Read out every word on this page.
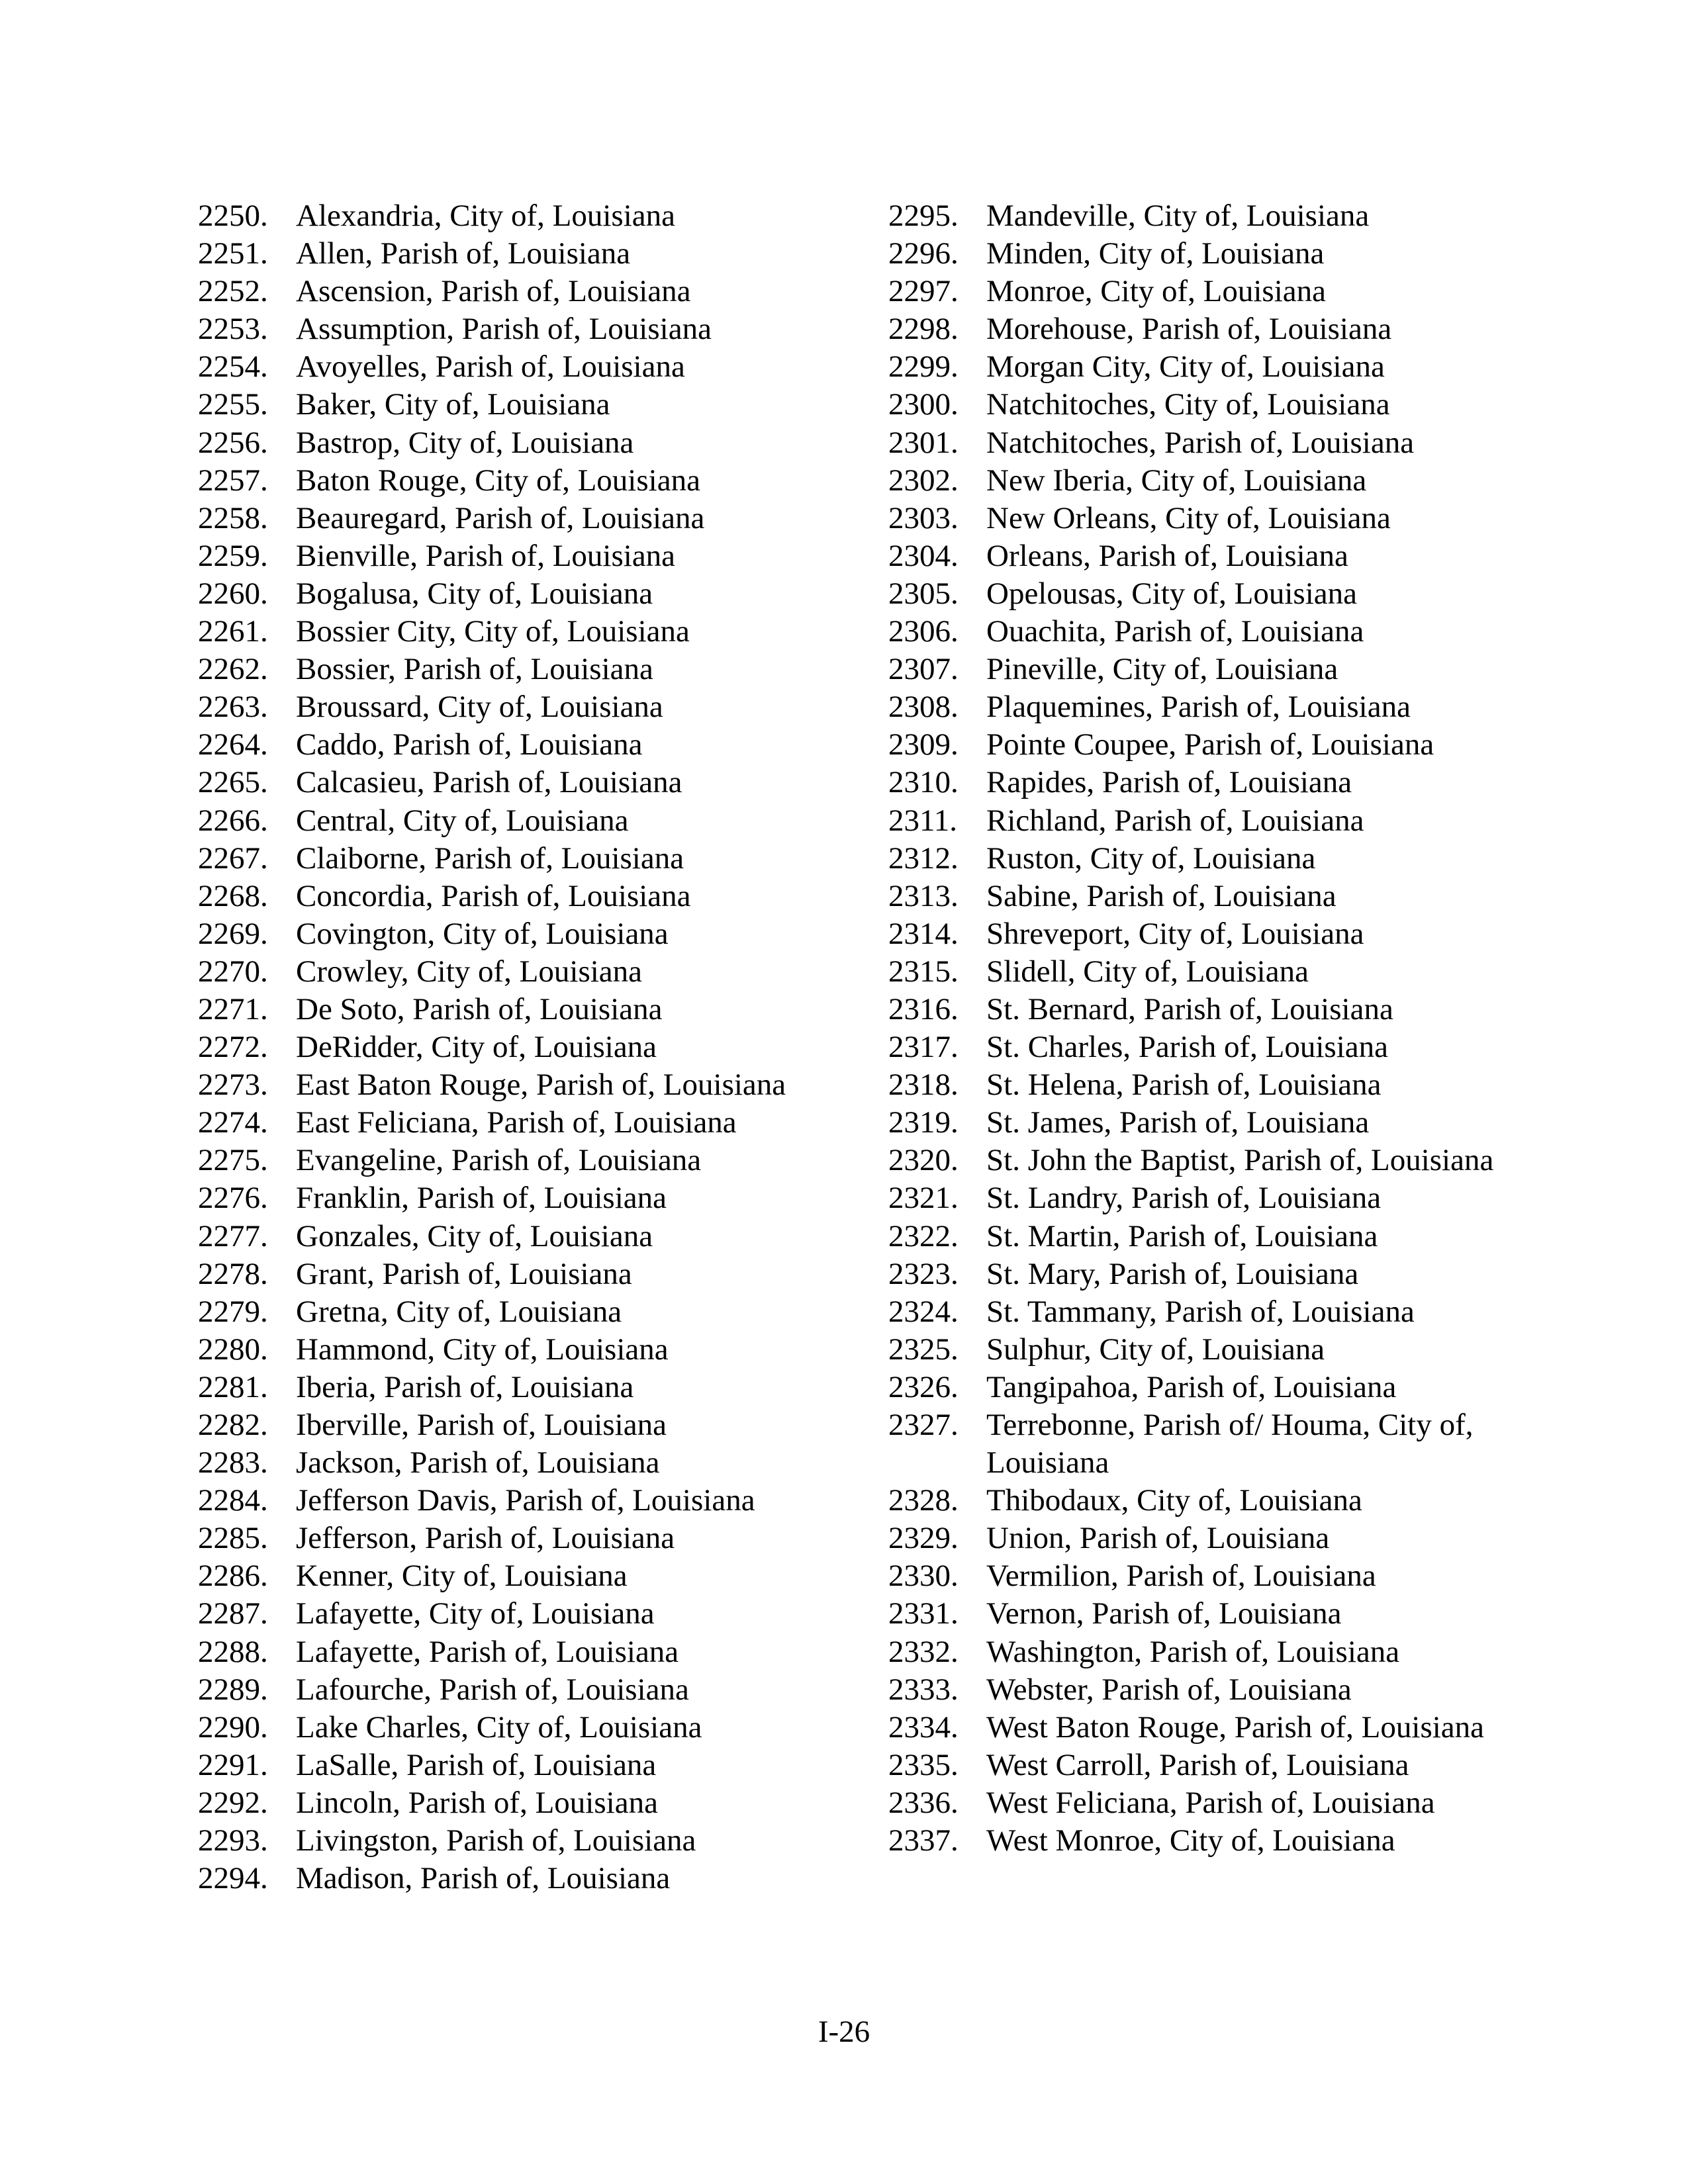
2250. Alexandria, City of, Louisiana
2251. Allen, Parish of, Louisiana
2252. Ascension, Parish of, Louisiana
2253. Assumption, Parish of, Louisiana
2254. Avoyelles, Parish of, Louisiana
2255. Baker, City of, Louisiana
2256. Bastrop, City of, Louisiana
2257. Baton Rouge, City of, Louisiana
2258. Beauregard, Parish of, Louisiana
2259. Bienville, Parish of, Louisiana
2260. Bogalusa, City of, Louisiana
2261. Bossier City, City of, Louisiana
2262. Bossier, Parish of, Louisiana
2263. Broussard, City of, Louisiana
2264. Caddo, Parish of, Louisiana
2265. Calcasieu, Parish of, Louisiana
2266. Central, City of, Louisiana
2267. Claiborne, Parish of, Louisiana
2268. Concordia, Parish of, Louisiana
2269. Covington, City of, Louisiana
2270. Crowley, City of, Louisiana
2271. De Soto, Parish of, Louisiana
2272. DeRidder, City of, Louisiana
2273. East Baton Rouge, Parish of, Louisiana
2274. East Feliciana, Parish of, Louisiana
2275. Evangeline, Parish of, Louisiana
2276. Franklin, Parish of, Louisiana
2277. Gonzales, City of, Louisiana
2278. Grant, Parish of, Louisiana
2279. Gretna, City of, Louisiana
2280. Hammond, City of, Louisiana
2281. Iberia, Parish of, Louisiana
2282. Iberville, Parish of, Louisiana
2283. Jackson, Parish of, Louisiana
2284. Jefferson Davis, Parish of, Louisiana
2285. Jefferson, Parish of, Louisiana
2286. Kenner, City of, Louisiana
2287. Lafayette, City of, Louisiana
2288. Lafayette, Parish of, Louisiana
2289. Lafourche, Parish of, Louisiana
2290. Lake Charles, City of, Louisiana
2291. LaSalle, Parish of, Louisiana
2292. Lincoln, Parish of, Louisiana
2293. Livingston, Parish of, Louisiana
2294. Madison, Parish of, Louisiana
2295. Mandeville, City of, Louisiana
2296. Minden, City of, Louisiana
2297. Monroe, City of, Louisiana
2298. Morehouse, Parish of, Louisiana
2299. Morgan City, City of, Louisiana
2300. Natchitoches, City of, Louisiana
2301. Natchitoches, Parish of, Louisiana
2302. New Iberia, City of, Louisiana
2303. New Orleans, City of, Louisiana
2304. Orleans, Parish of, Louisiana
2305. Opelousas, City of, Louisiana
2306. Ouachita, Parish of, Louisiana
2307. Pineville, City of, Louisiana
2308. Plaquemines, Parish of, Louisiana
2309. Pointe Coupee, Parish of, Louisiana
2310. Rapides, Parish of, Louisiana
2311. Richland, Parish of, Louisiana
2312. Ruston, City of, Louisiana
2313. Sabine, Parish of, Louisiana
2314. Shreveport, City of, Louisiana
2315. Slidell, City of, Louisiana
2316. St. Bernard, Parish of, Louisiana
2317. St. Charles, Parish of, Louisiana
2318. St. Helena, Parish of, Louisiana
2319. St. James, Parish of, Louisiana
2320. St. John the Baptist, Parish of, Louisiana
2321. St. Landry, Parish of, Louisiana
2322. St. Martin, Parish of, Louisiana
2323. St. Mary, Parish of, Louisiana
2324. St. Tammany, Parish of, Louisiana
2325. Sulphur, City of, Louisiana
2326. Tangipahoa, Parish of, Louisiana
2327. Terrebonne, Parish of/ Houma, City of, Louisiana
2328. Thibodaux, City of, Louisiana
2329. Union, Parish of, Louisiana
2330. Vermilion, Parish of, Louisiana
2331. Vernon, Parish of, Louisiana
2332. Washington, Parish of, Louisiana
2333. Webster, Parish of, Louisiana
2334. West Baton Rouge, Parish of, Louisiana
2335. West Carroll, Parish of, Louisiana
2336. West Feliciana, Parish of, Louisiana
2337. West Monroe, City of, Louisiana
I-26
